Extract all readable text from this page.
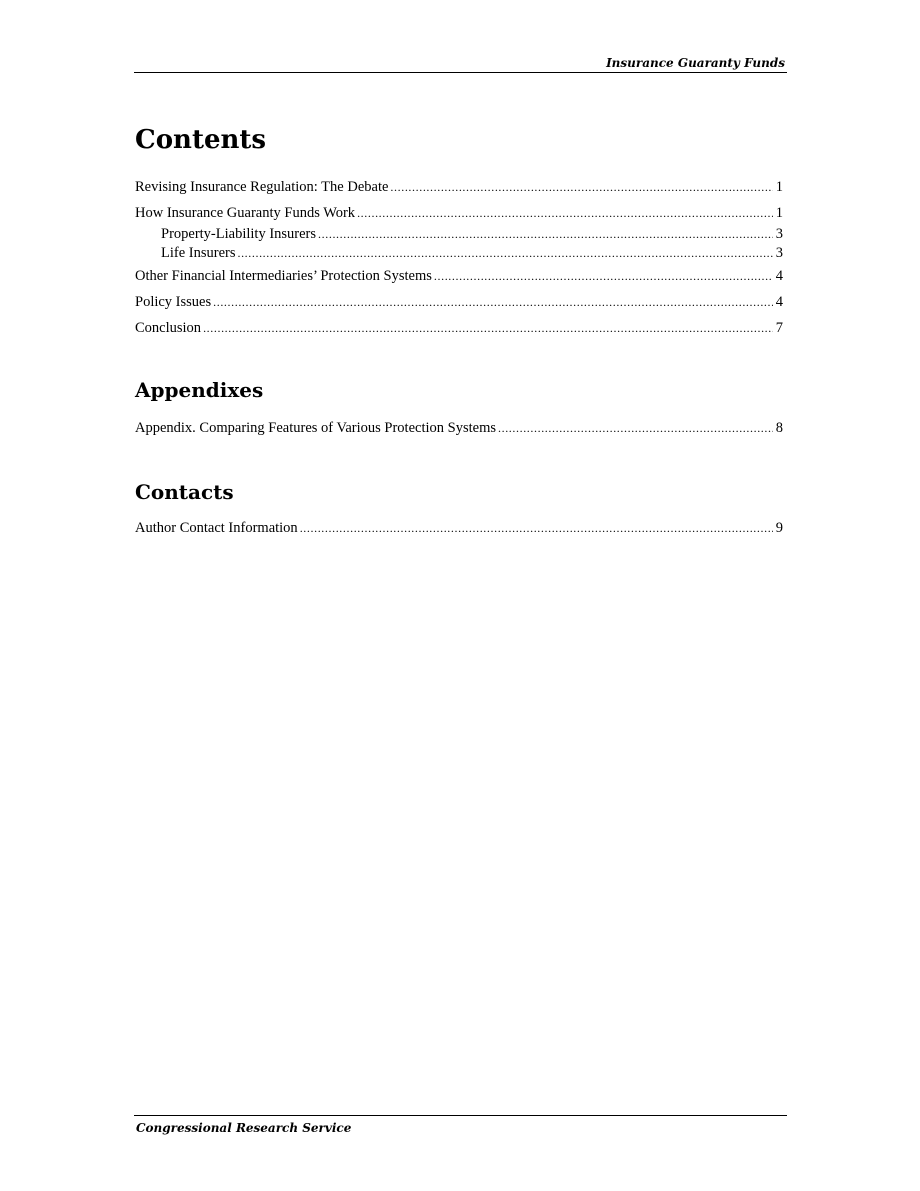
Insurance Guaranty Funds
Contents
Revising Insurance Regulation: The Debate . . .	1
How Insurance Guaranty Funds Work . . .	1
Property-Liability Insurers . . .	3
Life Insurers . . .	3
Other Financial Intermediaries’ Protection Systems . . .	4
Policy Issues . . .	4
Conclusion . . .	7
Appendixes
Appendix. Comparing Features of Various Protection Systems . . .	8
Contacts
Author Contact Information . . .	9
Congressional Research Service
